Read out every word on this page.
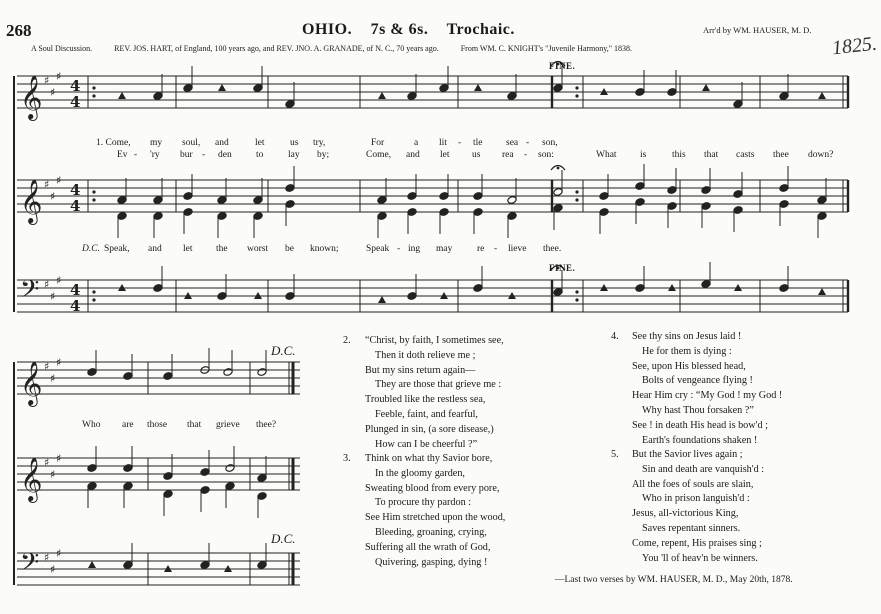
268	OHIO. 7s & 6s. Trochaic.	Arr'd by WM. HAUSER, M. D.
1825.
A Soul Discussion.	REV. JOS. HART, of England, 100 years ago, and REV. JNO. A. GRANADE, of N. C., 70 years ago.	From WM. C. KNIGHT's "Juvenile Harmony," 1838.
𝄞 ♯
♯
♯
4
4
𝄞 ♯
♯
♯
4
4
𝄢 ♯
♯
♯
4
4
𝄞 ♯
♯
♯
𝄞 ♯
♯
♯
𝄢 ♯
♯
♯
FINE.
FINE.
D.C.
D.C.
1. Come, my soul, and	let	us try,	For	a lit - tle sea - son,
Ev - 'ry bur - den	to	lay by;	Come, and let us rea - son:	What is	this that casts thee down?
D.C. Speak, and let the worst be known;	Speak - ing may	re - lieve thee.
Who are those that grieve thee?
2. “Christ, by faith, I sometimes see,
Then it doth relieve me ;
But my sins return again—
They are those that grieve me :
Troubled like the restless sea,
Feeble, faint, and fearful,
Plunged in sin, (a sore disease,)
How can I be cheerful ?”
3. Think on what thy Savior bore,
In the gloomy garden,
Sweating blood from every pore,
To procure thy pardon :
See Him stretched upon the wood,
Bleeding, groaning, crying,
Suffering all the wrath of God,
Quivering, gasping, dying !
4. See thy sins on Jesus laid !
He for them is dying :
See, upon His blessed head,
Bolts of vengeance flying !
Hear Him cry : “My God ! my God !
Why hast Thou forsaken ?”
See ! in death His head is bow'd ;
Earth's foundations shaken !
5. But the Savior lives again ;
Sin and death are vanquish'd :
All the foes of souls are slain,
Who in prison languish'd :
Jesus, all-victorious King,
Saves repentant sinners.
Come, repent, His praises sing ;
You 'll of heav'n be winners.
—Last two verses by WM. HAUSER, M. D., May 20th, 1878.
